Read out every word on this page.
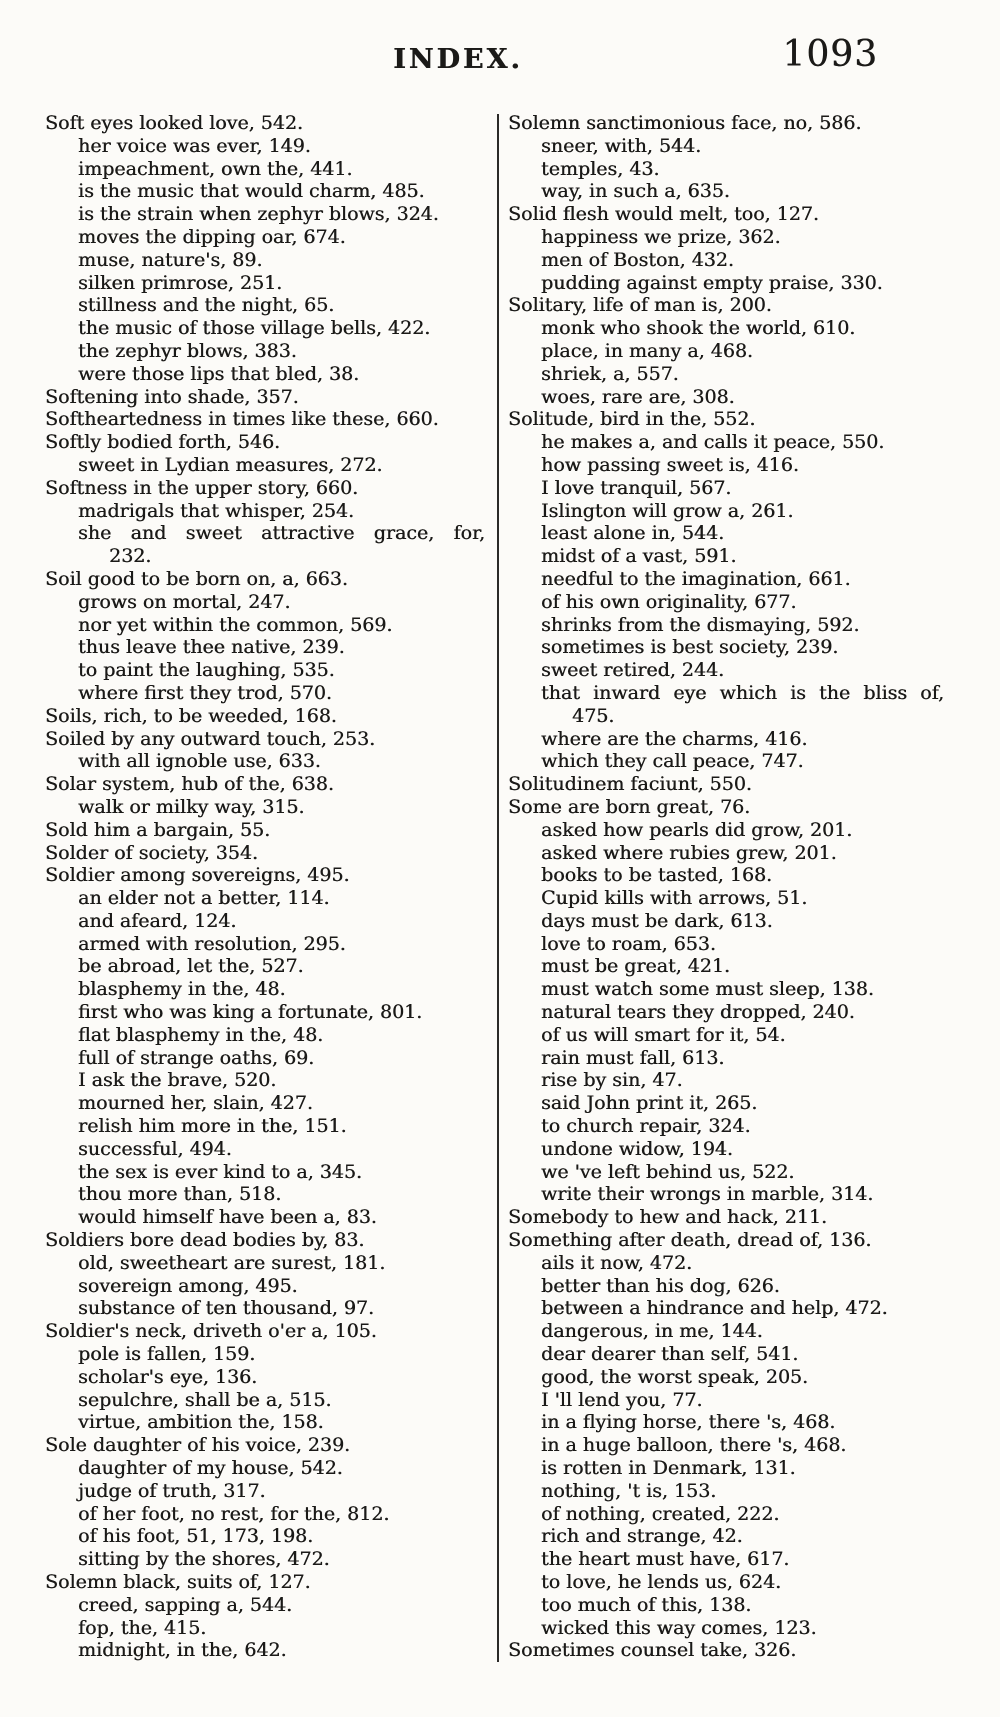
INDEX.	1093
Soft eyes looked love, 542.
her voice was ever, 149.
impeachment, own the, 441.
is the music that would charm, 485.
is the strain when zephyr blows, 324.
moves the dipping oar, 674.
muse, nature's, 89.
silken primrose, 251.
stillness and the night, 65.
the music of those village bells, 422.
the zephyr blows, 383.
were those lips that bled, 38.
Softening into shade, 357.
Softheartedness in times like these, 660.
Softly bodied forth, 546.
sweet in Lydian measures, 272.
Softness in the upper story, 660.
madrigals that whisper, 254.
she and sweet attractive grace, for,
232.
Soil good to be born on, a, 663.
grows on mortal, 247.
nor yet within the common, 569.
thus leave thee native, 239.
to paint the laughing, 535.
where first they trod, 570.
Soils, rich, to be weeded, 168.
Soiled by any outward touch, 253.
with all ignoble use, 633.
Solar system, hub of the, 638.
walk or milky way, 315.
Sold him a bargain, 55.
Solder of society, 354.
Soldier among sovereigns, 495.
an elder not a better, 114.
and afeard, 124.
armed with resolution, 295.
be abroad, let the, 527.
blasphemy in the, 48.
first who was king a fortunate, 801.
flat blasphemy in the, 48.
full of strange oaths, 69.
I ask the brave, 520.
mourned her, slain, 427.
relish him more in the, 151.
successful, 494.
the sex is ever kind to a, 345.
thou more than, 518.
would himself have been a, 83.
Soldiers bore dead bodies by, 83.
old, sweetheart are surest, 181.
sovereign among, 495.
substance of ten thousand, 97.
Soldier's neck, driveth o'er a, 105.
pole is fallen, 159.
scholar's eye, 136.
sepulchre, shall be a, 515.
virtue, ambition the, 158.
Sole daughter of his voice, 239.
daughter of my house, 542.
judge of truth, 317.
of her foot, no rest, for the, 812.
of his foot, 51, 173, 198.
sitting by the shores, 472.
Solemn black, suits of, 127.
creed, sapping a, 544.
fop, the, 415.
midnight, in the, 642.
Solemn sanctimonious face, no, 586.
sneer, with, 544.
temples, 43.
way, in such a, 635.
Solid flesh would melt, too, 127.
happiness we prize, 362.
men of Boston, 432.
pudding against empty praise, 330.
Solitary, life of man is, 200.
monk who shook the world, 610.
place, in many a, 468.
shriek, a, 557.
woes, rare are, 308.
Solitude, bird in the, 552.
he makes a, and calls it peace, 550.
how passing sweet is, 416.
I love tranquil, 567.
Islington will grow a, 261.
least alone in, 544.
midst of a vast, 591.
needful to the imagination, 661.
of his own originality, 677.
shrinks from the dismaying, 592.
sometimes is best society, 239.
sweet retired, 244.
that inward eye which is the bliss of,
475.
where are the charms, 416.
which they call peace, 747.
Solitudinem faciunt, 550.
Some are born great, 76.
asked how pearls did grow, 201.
asked where rubies grew, 201.
books to be tasted, 168.
Cupid kills with arrows, 51.
days must be dark, 613.
love to roam, 653.
must be great, 421.
must watch some must sleep, 138.
natural tears they dropped, 240.
of us will smart for it, 54.
rain must fall, 613.
rise by sin, 47.
said John print it, 265.
to church repair, 324.
undone widow, 194.
we 've left behind us, 522.
write their wrongs in marble, 314.
Somebody to hew and hack, 211.
Something after death, dread of, 136.
ails it now, 472.
better than his dog, 626.
between a hindrance and help, 472.
dangerous, in me, 144.
dear dearer than self, 541.
good, the worst speak, 205.
I 'll lend you, 77.
in a flying horse, there 's, 468.
in a huge balloon, there 's, 468.
is rotten in Denmark, 131.
nothing, 't is, 153.
of nothing, created, 222.
rich and strange, 42.
the heart must have, 617.
to love, he lends us, 624.
too much of this, 138.
wicked this way comes, 123.
Sometimes counsel take, 326.
